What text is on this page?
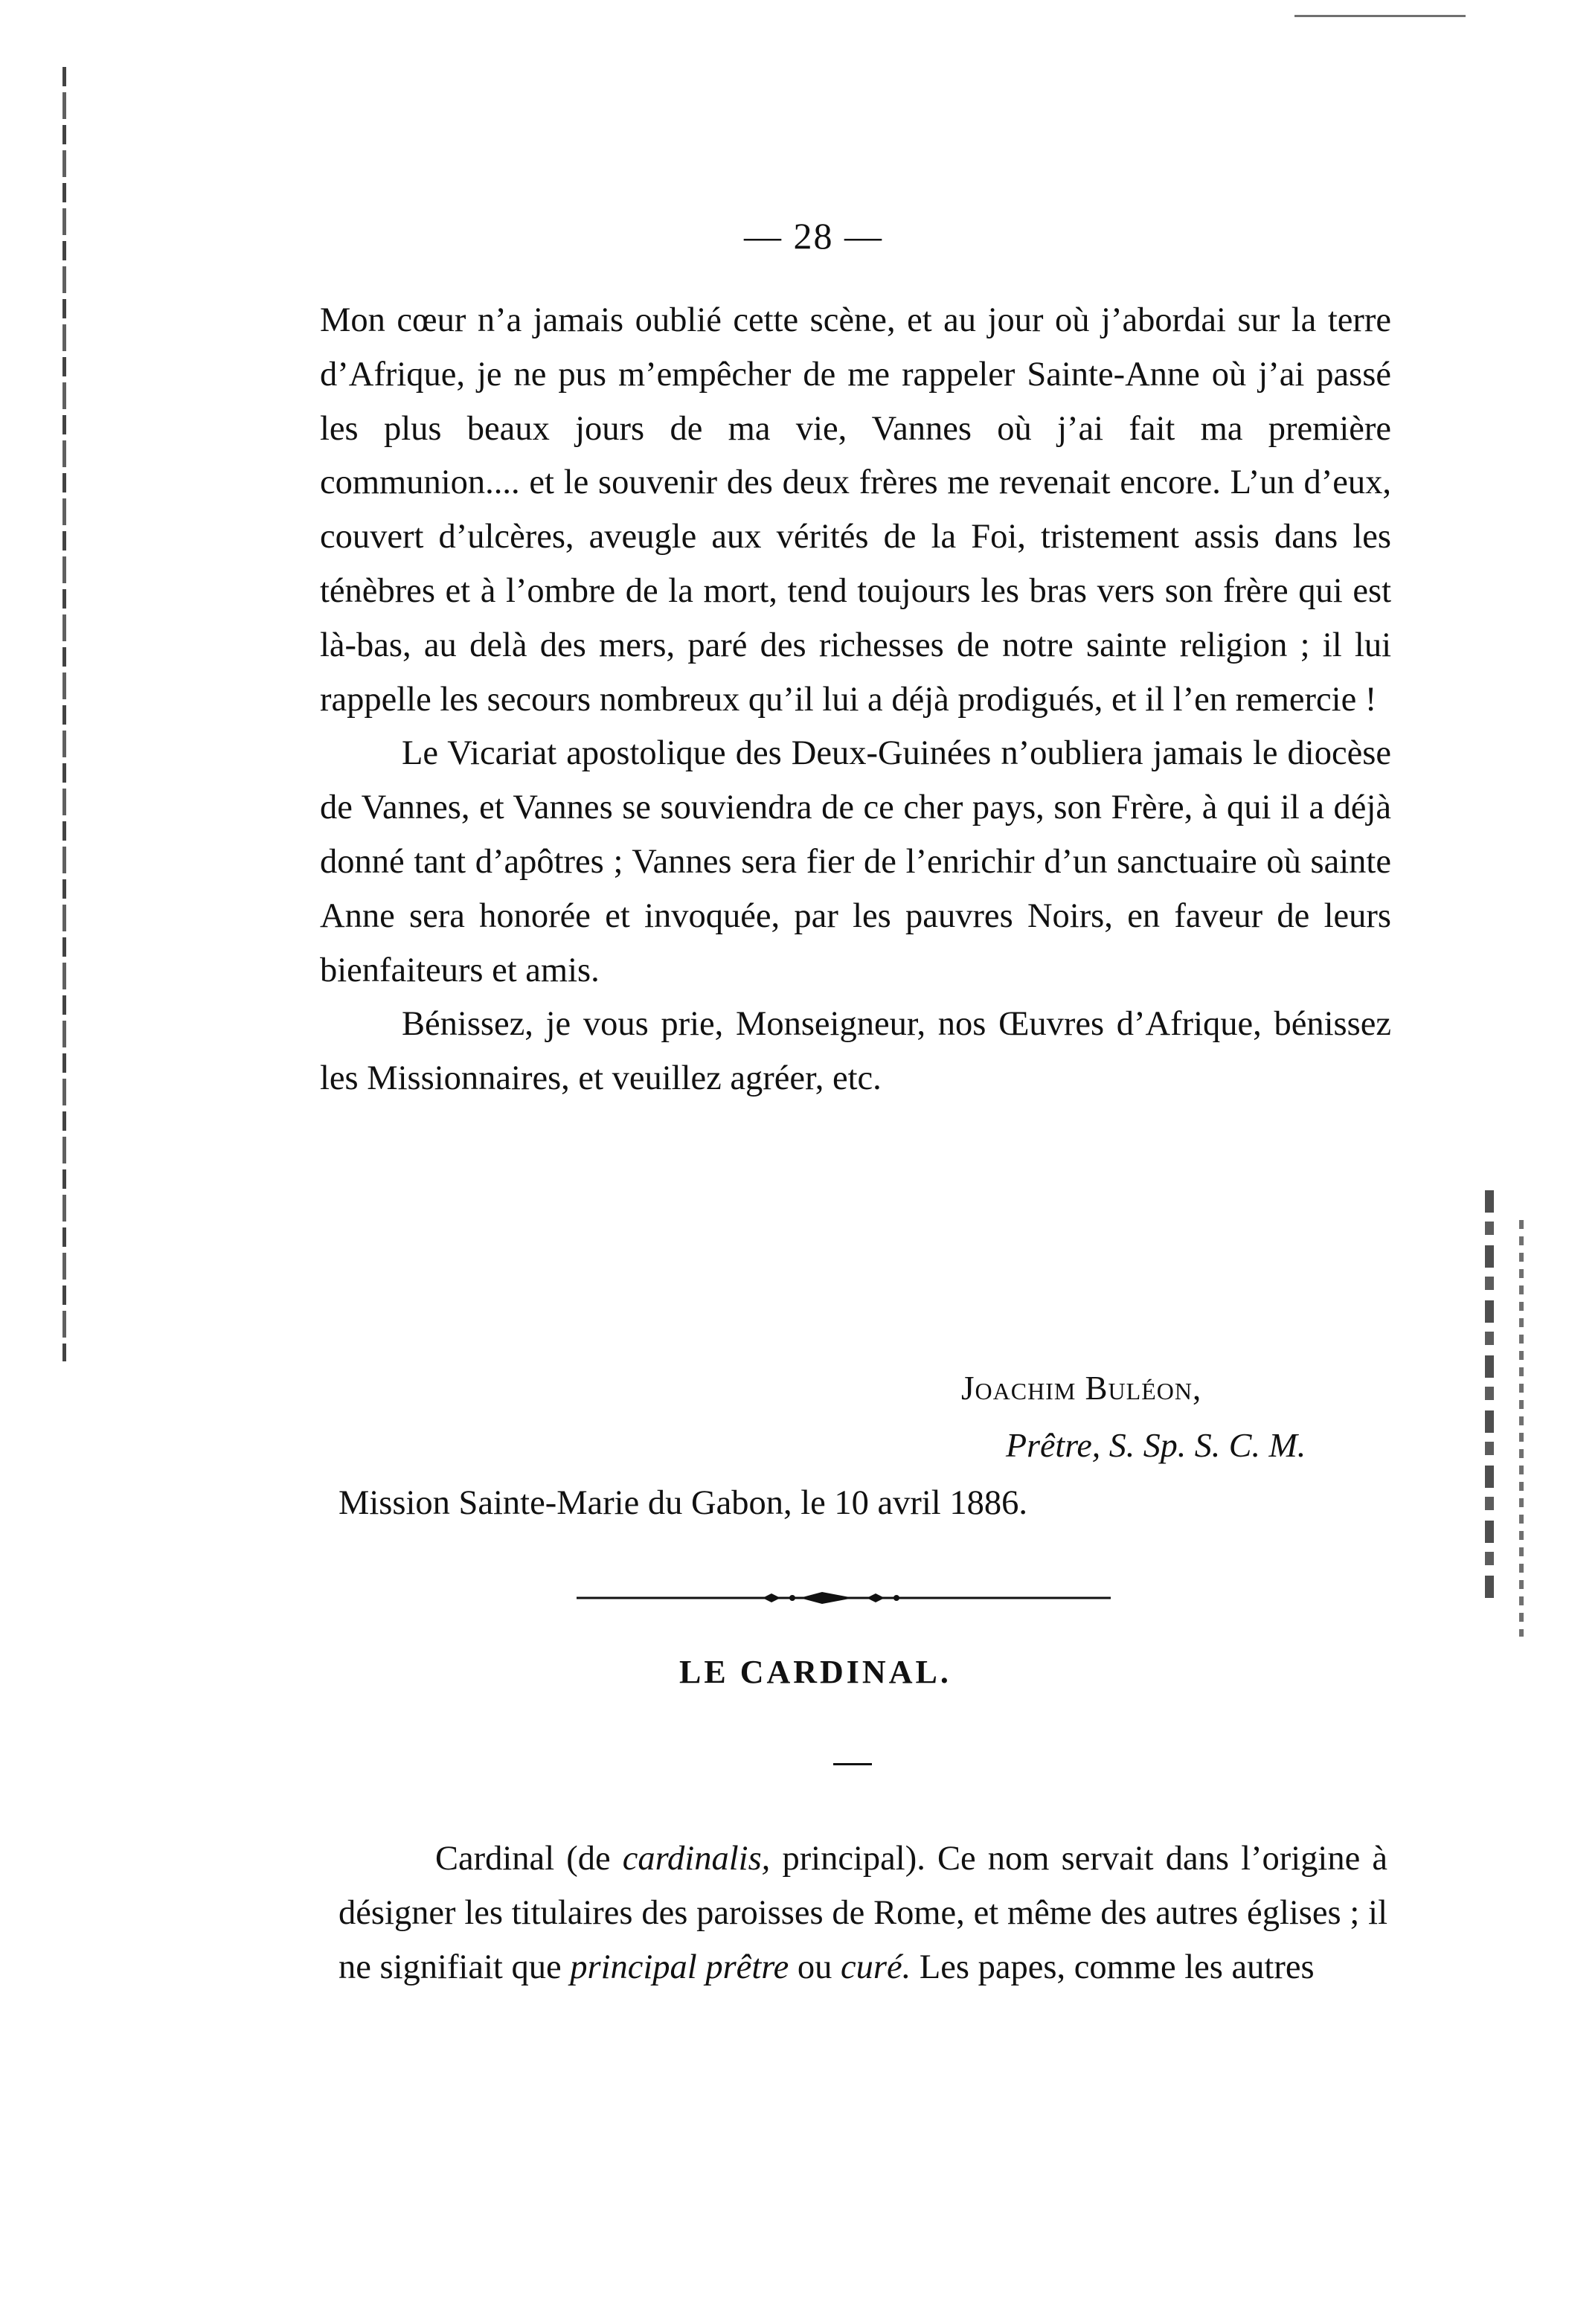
— 28 —

Mon cœur n’a jamais oublié cette scène, et au jour où j’abordai sur la terre d’Afrique, je ne pus m’empêcher de me rappeler Sainte-Anne où j’ai passé les plus beaux jours de ma vie, Vannes où j’ai fait ma première communion.... et le souvenir des deux frères me revenait encore. L’un d’eux, couvert d’ulcères, aveugle aux vérités de la Foi, tristement assis dans les ténèbres et à l’ombre de la mort, tend toujours les bras vers son frère qui est là-bas, au delà des mers, paré des richesses de notre sainte religion ; il lui rappelle les secours nombreux qu’il lui a déjà prodigués, et il l’en remercie !

Le Vicariat apostolique des Deux-Guinées n’oubliera jamais le diocèse de Vannes, et Vannes se souviendra de ce cher pays, son Frère, à qui il a déjà donné tant d’apôtres ; Vannes sera fier de l’enrichir d’un sanctuaire où sainte Anne sera honorée et invoquée, par les pauvres Noirs, en faveur de leurs bienfaiteurs et amis.

Bénissez, je vous prie, Monseigneur, nos Œuvres d’Afrique, bénissez les Missionnaires, et veuillez agréer, etc.

Joachim Buléon,
Prêtre, S. Sp. S. C. M.
Mission Sainte-Marie du Gabon, le 10 avril 1886.
LE CARDINAL.

Cardinal (de cardinalis, principal). Ce nom servait dans l’origine à désigner les titulaires des paroisses de Rome, et même des autres églises ; il ne signifiait que principal prêtre ou curé. Les papes, comme les autres
